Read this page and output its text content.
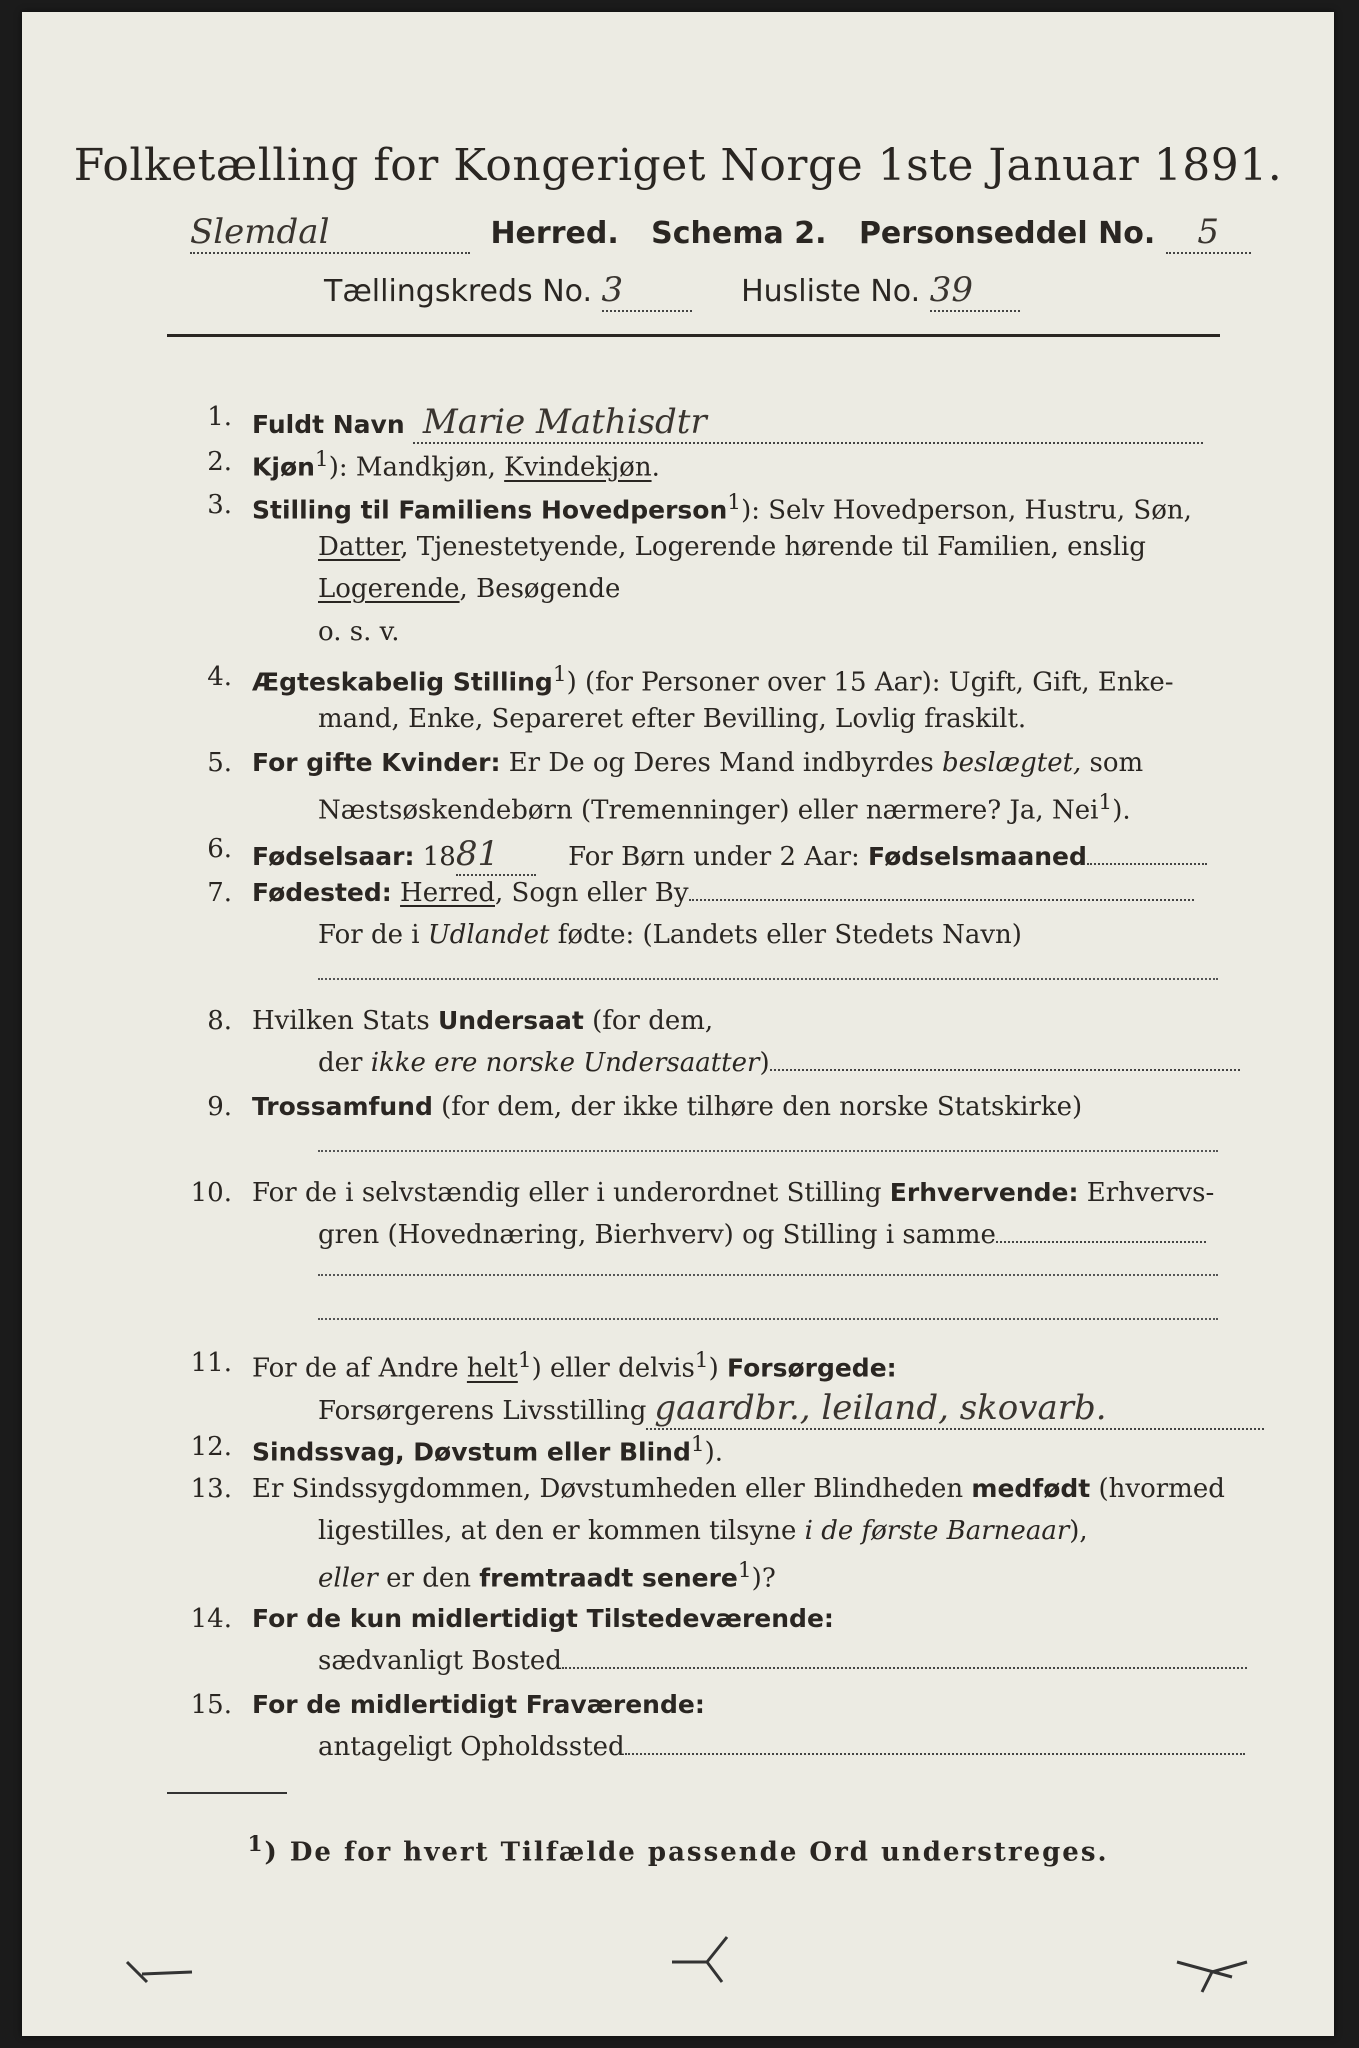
Folketælling for Kongeriget Norge 1ste Januar 1891.
Slemdal	Herred. Schema 2. Personseddel No. 5
Tællingskreds No. 3	Husliste No. 39
1. Fuldt Navn Marie Mathisdtr
2. Kjøn$^1$): Mandkjøn, Kvindekjøn.
3. Stilling til Familiens Hovedperson$^1$): Selv Hovedperson, Hustru, Søn,
Datter, Tjenestetyende, Logerende hørende til Familien, enslig
Logerende, Besøgende
o. s. v.
4. Ægteskabelig Stilling$^1$) (for Personer over 15 Aar): Ugift, Gift, Enke-
mand, Enke, Separeret efter Bevilling, Lovlig fraskilt.
5. For gifte Kvinder: Er De og Deres Mand indbyrdes beslægtet, som
Næstsøskendebørn (Tremenninger) eller nærmere? Ja, Nei$^1$).
6. Fødselsaar: 1881	For Børn under 2 Aar: Fødselsmaaned
7. Fødested: Herred, Sogn eller By
For de i Udlandet fødte: (Landets eller Stedets Navn)
8. Hvilken Stats Undersaat (for dem,
der ikke ere norske Undersaatter)
9. Trossamfund (for dem, der ikke tilhøre den norske Statskirke)
10. For de i selvstændig eller i underordnet Stilling Erhvervende: Erhvervs-
gren (Hovednæring, Bierhverv) og Stilling i samme
11. For de af Andre helt$^1$) eller delvis$^1$) Forsørgede:
Forsørgerens Livsstilling gaardbr., leiland, skovarb.
12. Sindssvag, Døvstum eller Blind$^1$).
13. Er Sindssygdommen, Døvstumheden eller Blindheden medfødt (hvormed
ligestilles, at den er kommen tilsyne i de første Barneaar),
eller er den fremtraadt senere$^1$)?
14. For de kun midlertidigt Tilstedeværende:
sædvanligt Bosted
15. For de midlertidigt Fraværende:
antageligt Opholdssted
$^1$) De for hvert Tilfælde passende Ord understreges.
